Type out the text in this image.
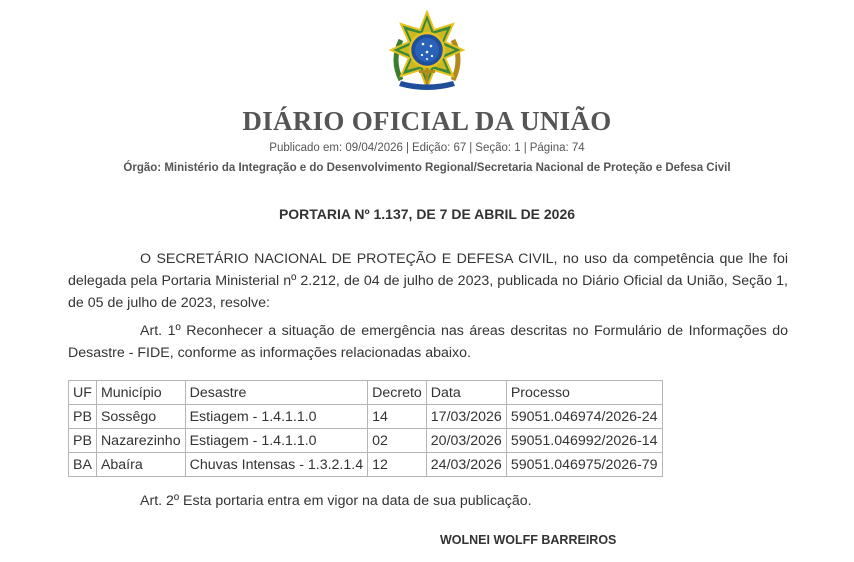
DIÁRIO OFICIAL DA UNIÃO
Publicado em: 09/04/2026 | Edição: 67 | Seção: 1 | Página: 74
Órgão: Ministério da Integração e do Desenvolvimento Regional/Secretaria Nacional de Proteção e Defesa Civil
PORTARIA Nº 1.137, DE 7 DE ABRIL DE 2026
O SECRETÁRIO NACIONAL DE PROTEÇÃO E DEFESA CIVIL, no uso da competência que lhe foi delegada pela Portaria Ministerial nº 2.212, de 04 de julho de 2023, publicada no Diário Oficial da União, Seção 1, de 05 de julho de 2023, resolve:
Art. 1º Reconhecer a situação de emergência nas áreas descritas no Formulário de Informações do Desastre - FIDE, conforme as informações relacionadas abaixo.
UF	Município	Desastre	Decreto	Data	Processo
PB	Sossêgo	Estiagem - 1.4.1.1.0	14	17/03/2026	59051.046974/2026-24
PB	Nazarezinho	Estiagem - 1.4.1.1.0	02	20/03/2026	59051.046992/2026-14
BA	Abaíra	Chuvas Intensas - 1.3.2.1.4	12	24/03/2026	59051.046975/2026-79
Art. 2º Esta portaria entra em vigor na data de sua publicação.
WOLNEI WOLFF BARREIROS
